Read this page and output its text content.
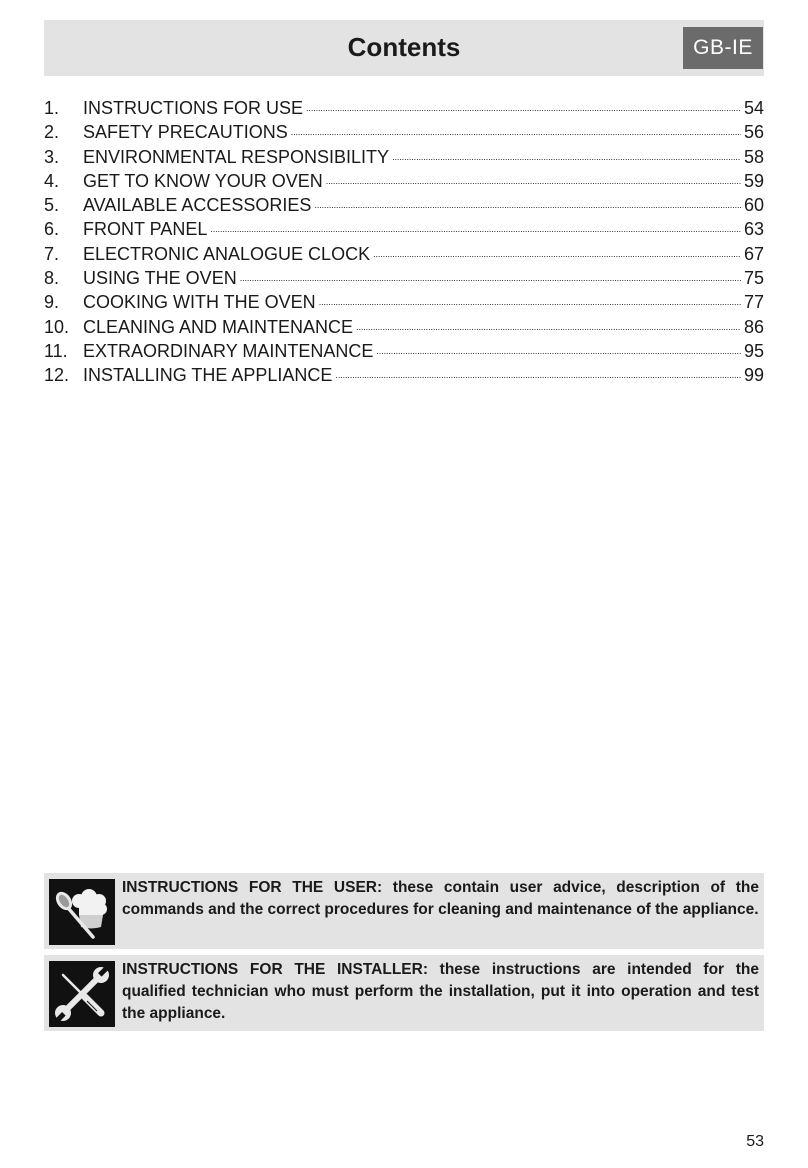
Contents	GB-IE
1.	INSTRUCTIONS FOR USE . . .	54
2.	SAFETY PRECAUTIONS . . .	56
3.	ENVIRONMENTAL RESPONSIBILITY . . .	58
4.	GET TO KNOW YOUR OVEN . . .	59
5.	AVAILABLE ACCESSORIES . . .	60
6.	FRONT PANEL . . .	63
7.	ELECTRONIC ANALOGUE CLOCK . . .	67
8.	USING THE OVEN . . .	75
9.	COOKING WITH THE OVEN . . .	77
10. CLEANING AND MAINTENANCE . . .	86
11. EXTRAORDINARY MAINTENANCE . . .	95
12. INSTALLING THE APPLIANCE . . .	99
INSTRUCTIONS FOR THE USER: these contain user advice, description of the commands and the correct procedures for cleaning and maintenance of the appliance.
INSTRUCTIONS FOR THE INSTALLER: these instructions are intended for the qualified technician who must perform the installation, put it into operation and test the appliance.
53
